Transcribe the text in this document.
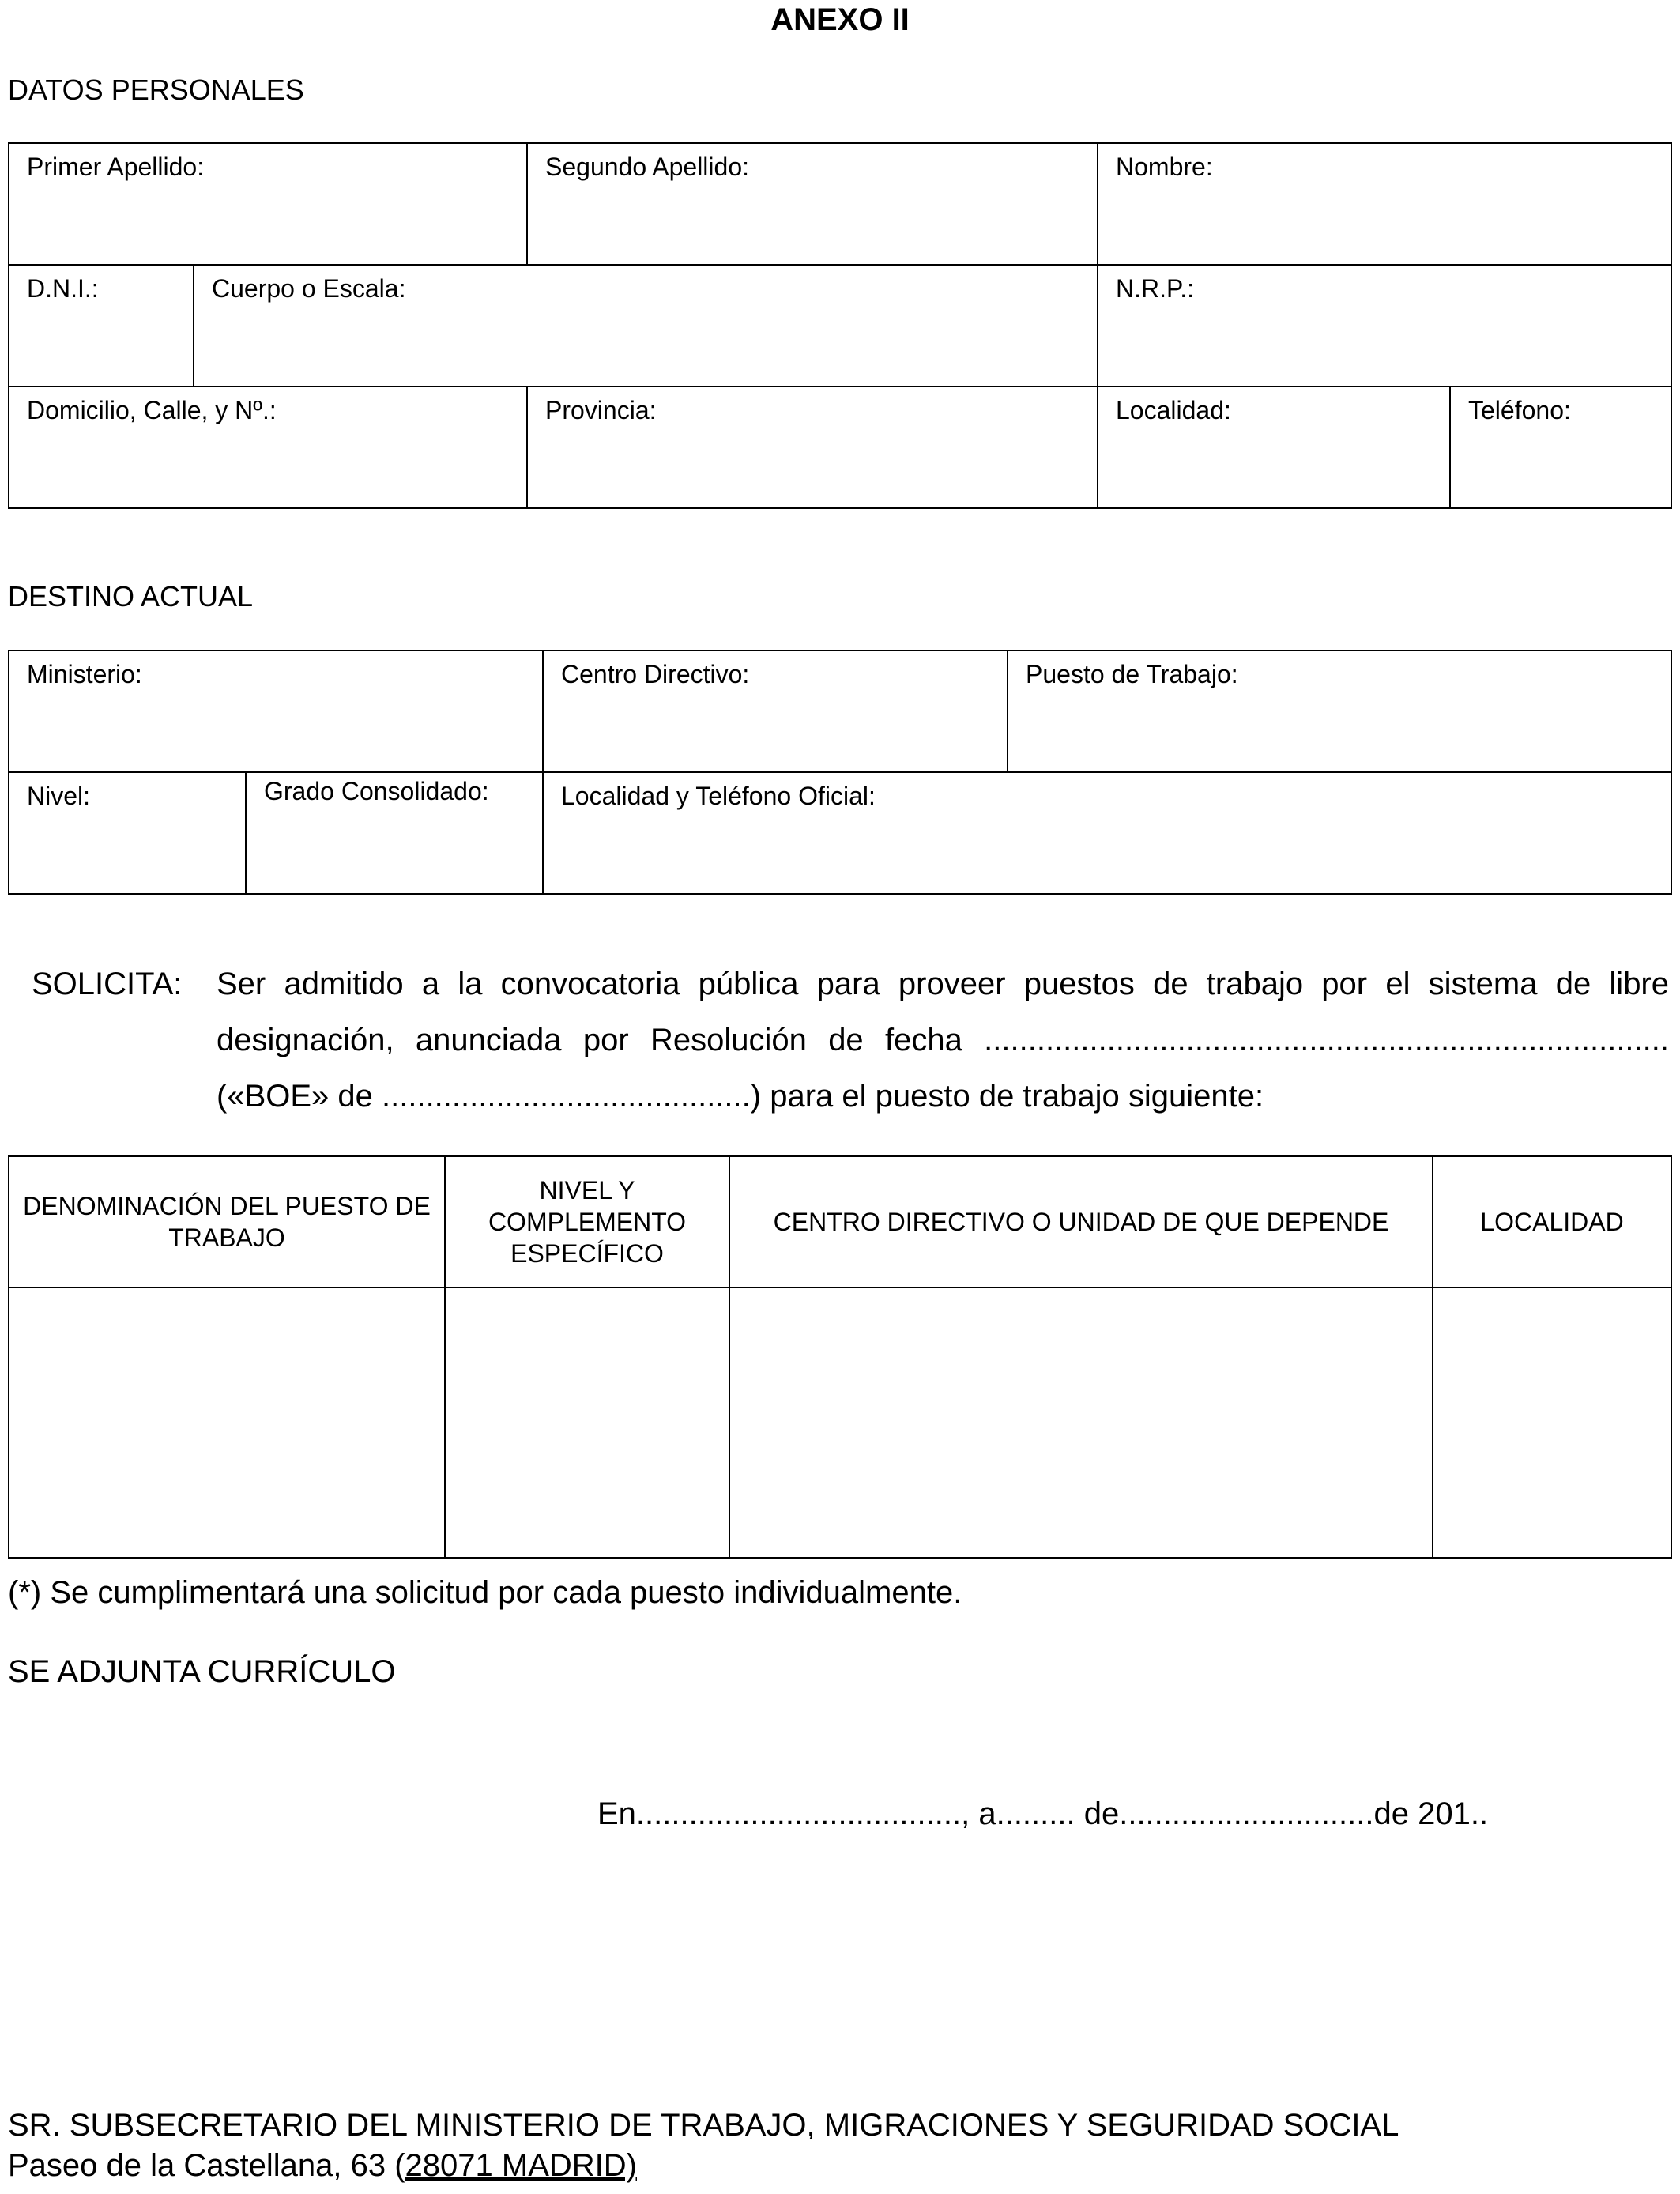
ANEXO II
DATOS PERSONALES
Primer Apellido:		Segundo Apellido:	Nombre:	
D.N.I.:	Cuerpo o Escala:		N.R.P.:	
Domicilio, Calle, y Nº.:		Provincia:	Localidad:	Teléfono:
DESTINO ACTUAL
Ministerio:		Centro Directivo:	Puesto de Trabajo:
Nivel:	Grado Consolidado:	Localidad y Teléfono Oficial:	
SOLICITA: Ser admitido a la convocatoria pública para proveer puestos de trabajo por el sistema de libre designación, anunciada por Resolución de fecha .............................................................................. («BOE» de ..........................................) para el puesto de trabajo siguiente:
DENOMINACIÓN DEL PUESTO DE TRABAJO	NIVEL Y COMPLEMENTO ESPECÍFICO	CENTRO DIRECTIVO O UNIDAD DE QUE DEPENDE	LOCALIDAD

(*) Se cumplimentará una solicitud por cada puesto individualmente.
SE ADJUNTA CURRÍCULO
En....................................., a......... de.............................de 201..
SR. SUBSECRETARIO DEL MINISTERIO DE TRABAJO, MIGRACIONES Y SEGURIDAD SOCIAL
Paseo de la Castellana, 63 (28071 MADRID)
